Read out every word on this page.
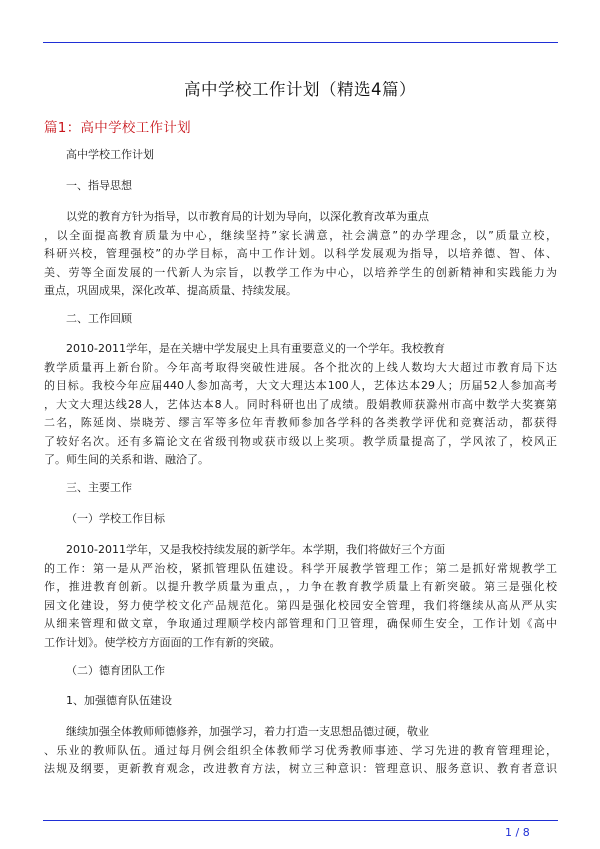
高中学校工作计划（精选4篇）
篇1：高中学校工作计划
高中学校工作计划
一、指导思想
以党的教育方针为指导，以市教育局的计划为导向，以深化教育改革为重点
，以全面提高教育质量为中心，继续坚持”家长满意，社会满意”的办学理念，以”质量立校，
科研兴校，管理强校”的办学目标，高中工作计划。以科学发展观为指导，以培养德、智、体、
美、劳等全面发展的一代新人为宗旨，以教学工作为中心，以培养学生的创新精神和实践能力为
重点，巩固成果，深化改革、提高质量、持续发展。
二、工作回顾
2010-2011学年，是在关塘中学发展史上具有重要意义的一个学年。我校教育
教学质量再上新台阶。今年高考取得突破性进展。各个批次的上线人数均大大超过市教育局下达
的目标。我校今年应届440人参加高考，大文大理达本100人，艺体达本29人；历届52人参加高考
，大文大理达线28人，艺体达本8人。同时科研也出了成绩。殷娟教师获滁州市高中数学大奖赛第
二名，陈延岗、崇晓芳、缪言军等多位年青教师参加各学科的各类教学评优和竞赛活动，都获得
了较好名次。还有多篇论文在省级刊物或获市级以上奖项。教学质量提高了，学风浓了，校风正
了。师生间的关系和谐、融洽了。
三、主要工作
（一）学校工作目标
2010-2011学年，又是我校持续发展的新学年。本学期，我们将做好三个方面
的工作：第一是从严治校，紧抓管理队伍建设。科学开展教学管理工作；第二是抓好常规教学工
作，推进教育创新。以提升教学质量为重点，，力争在教育教学质量上有新突破。第三是强化校
园文化建设，努力使学校文化产品规范化。第四是强化校园安全管理，我们将继续从高从严从实
从细来管理和做文章，争取通过理顺学校内部管理和门卫管理，确保师生安全，工作计划《高中
工作计划》。使学校方方面面的工作有新的突破。
（二）德育团队工作
1、加强德育队伍建设
继续加强全体教师师德修养，加强学习，着力打造一支思想品德过硬，敬业
、乐业的教师队伍。通过每月例会组织全体教师学习优秀教师事迹、学习先进的教育管理理论，
法规及纲要，更新教育观念，改进教育方法，树立三种意识：管理意识、服务意识、教育者意识
1 / 8
